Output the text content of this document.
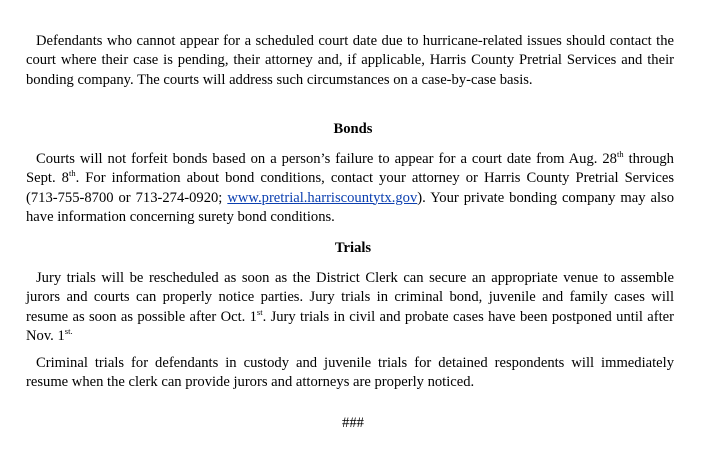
Defendants who cannot appear for a scheduled court date due to hurricane-related issues should contact the court where their case is pending, their attorney and, if applicable, Harris County Pretrial Services and their bonding company. The courts will address such circumstances on a case-by-case basis.

Bonds

Courts will not forfeit bonds based on a person’s failure to appear for a court date from Aug. 28th through Sept. 8th. For information about bond conditions, contact your attorney or Harris County Pretrial Services (713-755-8700 or 713-274-0920; www.pretrial.harriscountytx.gov). Your private bonding company may also have information concerning surety bond conditions.

Trials

Jury trials will be rescheduled as soon as the District Clerk can secure an appropriate venue to assemble jurors and courts can properly notice parties. Jury trials in criminal bond, juvenile and family cases will resume as soon as possible after Oct. 1st. Jury trials in civil and probate cases have been postponed until after Nov. $1^{st.}$

Criminal trials for defendants in custody and juvenile trials for detained respondents will immediately resume when the clerk can provide jurors and attorneys are properly noticed.

###
